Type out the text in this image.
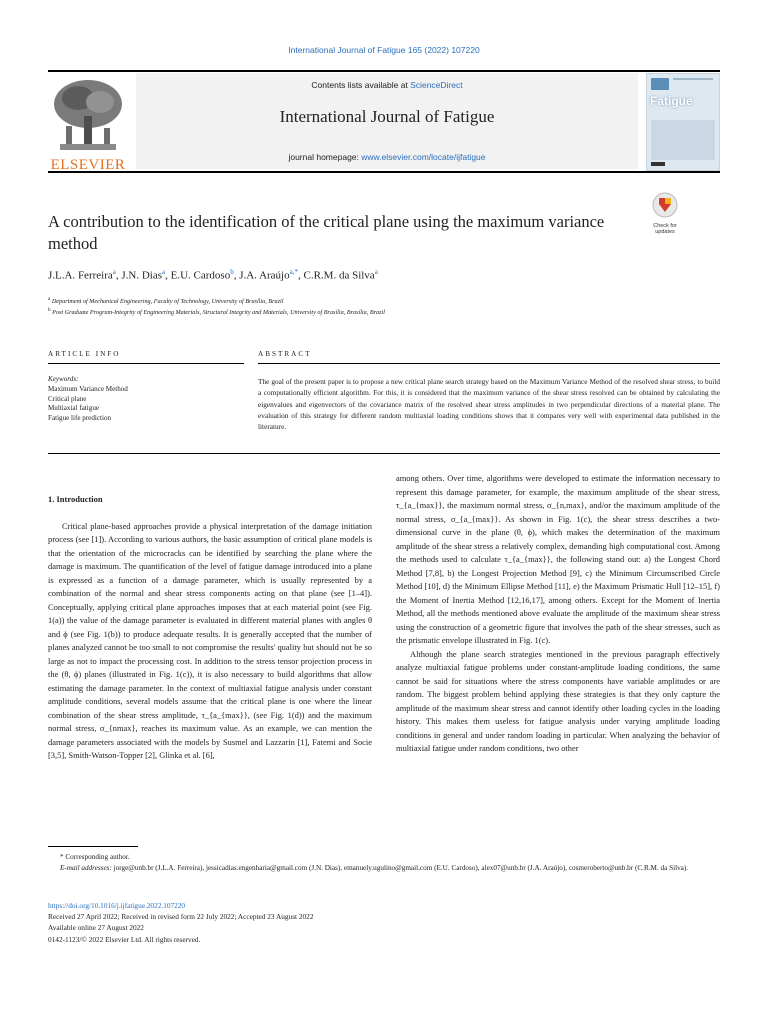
International Journal of Fatigue 165 (2022) 107220
ELSEVIER
Contents lists available at ScienceDirect
International Journal of Fatigue
journal homepage: www.elsevier.com/locate/ijfatigue
Fatigue
A contribution to the identification of the critical plane using the maximum variance method
Check for updates
J.L.A. Ferreira$^a$, J.N. Dias$^a$, E.U. Cardoso$^b$, J.A. Araújo$^{a,*}$, C.R.M. da Silva$^a$
$^a$ Department of Mechanical Engineering, Faculty of Technology, University of Brasília, Brazil
$^b$ Post Graduate Program-Integrity of Engineering Materials, Structural Integrity and Materials, University of Brasília, Brasília, Brazil
ARTICLE INFO	ABSTRACT
Keywords:
Maximum Variance Method
Critical plane
Multiaxial fatigue
Fatigue life prediction
The goal of the present paper is to propose a new critical plane search strategy based on the Maximum Variance Method of the resolved shear stress, to build a computationally efficient algorithm. For this, it is considered that the maximum variance of the shear stress resolved can be obtained by calculating the eigenvalues and eigenvectors of the covariance matrix of the resolved shear stress amplitudes in two perpendicular directions of a material plane. The evaluation of this strategy for different random multiaxial loading conditions shows that it compares very well with experimental data published in the literature.
1. Introduction

Critical plane-based approaches provide a physical interpretation of the damage initiation process (see [1]). According to various authors, the basic assumption of critical plane models is that the orientation of the microcracks can be identified by searching the plane where the damage is maximum. The quantification of the level of fatigue damage introduced into a plane is expressed as a function of a damage parameter, which is usually represented by a combination of the normal and shear stress components acting on that plane (see [1–4]). Conceptually, applying critical plane approaches imposes that at each material point (see Fig. 1(a)) the value of the damage parameter is evaluated in different material planes with angles θ and ϕ (see Fig. 1(b)) to produce adequate results. It is generally accepted that the number of planes analyzed cannot be too small to not compromise the results' quality but should not be so large as not to impact the processing cost. In addition to the stress tensor projection process in the (θ, ϕ) planes (illustrated in Fig. 1(c)), it is also necessary to build algorithms that allow estimating the damage parameter. In the context of multiaxial fatigue analysis under constant amplitude conditions, several models assume that the critical plane is one where the linear combination of the shear stress amplitude, τ_{a_{max}}, (see Fig. 1(d)) and the maximum normal stress, σ_{nmax}, reaches its maximum value. As an example, we can mention the damage parameters associated with the models by Susmel and Lazzarin [1], Fatemi and Socie [3,5], Smith-Watson-Topper [2], Glinka et al. [6],

among others. Over time, algorithms were developed to estimate the information necessary to represent this damage parameter, for example, the maximum amplitude of the shear stress, τ_{a_{max}}, the maximum normal stress, σ_{n,max}, and/or the maximum amplitude of the normal stress, σ_{a_{max}}. As shown in Fig. 1(c), the shear stress describes a two-dimensional curve in the plane (θ, ϕ), which makes the determination of the maximum amplitude of the shear stress a relatively complex, demanding high computational cost. Among the methods used to calculate τ_{a_{max}}, the following stand out: a) the Longest Chord Method [7,8], b) the Longest Projection Method [9], c) the Minimum Circumscribed Circle Method [10], d) the Minimum Ellipse Method [11], e) the Maximum Prismatic Hull [12–15], f) the Moment of Inertia Method [12,16,17], among others. Except for the Moment of Inertia Method, all the methods mentioned above evaluate the amplitude of the maximum shear stress using the construction of a geometric figure that involves the path of the shear stresses, such as the prismatic envelope illustrated in Fig. 1(c).

Although the plane search strategies mentioned in the previous paragraph effectively analyze multiaxial fatigue problems under constant-amplitude loading conditions, the same cannot be said for situations where the stress components have variable amplitudes or are random. The biggest problem behind applying these strategies is that they only capture the amplitude of the maximum shear stress and cannot identify other loading cycles in the loading history. This makes them useless for fatigue analysis under varying amplitude loading conditions in general and under random loading in particular. When analyzing the behavior of multiaxial fatigue under random conditions, two other

* Corresponding author.
E-mail addresses: jorge@unb.br (J.L.A. Ferreira), jessicadias.engenharia@gmail.com (J.N. Dias), emanuely.ugulino@gmail.com (E.U. Cardoso), alex07@unb.br (J.A. Araújo), cosmeroberto@unb.br (C.R.M. da Silva).
https://doi.org/10.1016/j.ijfatigue.2022.107220
Received 27 April 2022; Received in revised form 22 July 2022; Accepted 23 August 2022
Available online 27 August 2022
0142-1123/© 2022 Elsevier Ltd. All rights reserved.
